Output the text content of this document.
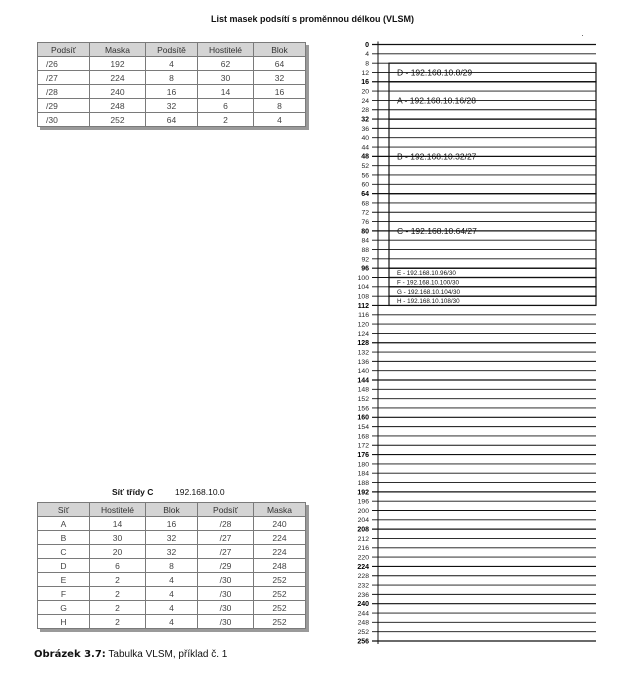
List masek podsítí s proměnnou délkou (VLSM)
·
Podsíť	Maska	Podsítě	Hostitelé	Blok
/26	192	4	62	64
/27	224	8	30	32
/28	240	16	14	16
/29	248	32	6	8
/30	252	64	2	4
Síť třídy C	192.168.10.0
Síť	Hostitelé	Blok	Podsíť	Maska
A	14	16	/28	240
B	30	32	/27	224
C	20	32	/27	224
D	6	8	/29	248
E	2	4	/30	252
F	2	4	/30	252
G	2	4	/30	252
H	2	4	/30	252
0
4
8
12
16
20
24
28
32
36
40
44
48
52
56
60
64
68
72
76
80
84
88
92
96
100
104
108
112
116
120
124
128
132
136
140
144
148
152
156
160
154
168
172
176
180
184
188
192
196
200
204
208
212
216
220
224
228
232
236
240
244
248
252
256
D - 192.168.10.8/29
A - 192.168.10.16/28
B - 192.168.10.32/27
C - 192.168.10.64/27
E - 192.168.10.96/30
F - 192.168.10.100/30
G - 192.168.10.104/30
H - 192.168.10.108/30
Obrázek 3.7: Tabulka VLSM, příklad č. 1
